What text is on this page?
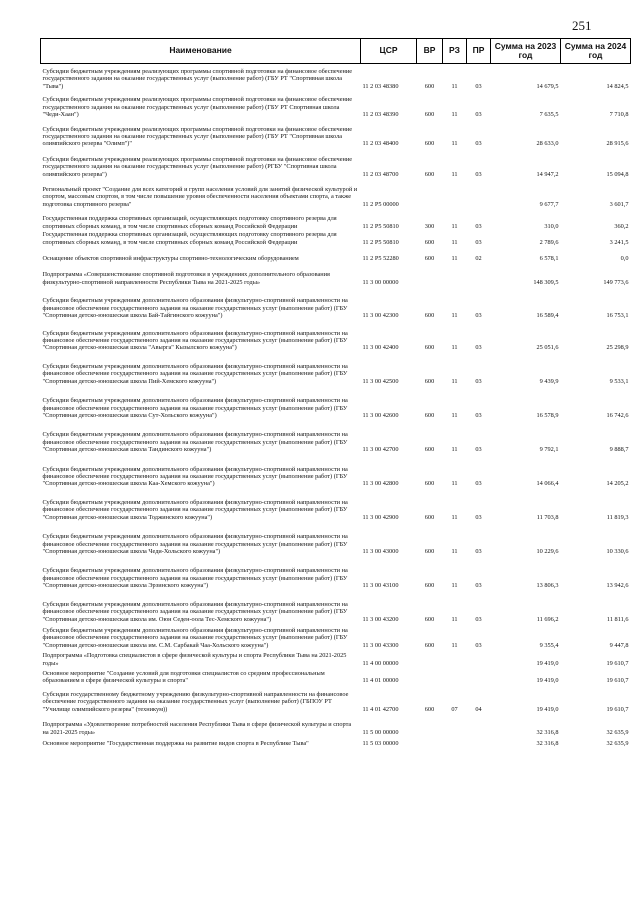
251
Наименование	ЦСР	ВР	РЗ	ПР	Сумма на 2023 год	Сумма на 2024 год

Субсидии бюджетным учреждениям реализующих программы спортивной подготовки на финансовое обеспечение государственного задания на оказание государственных услуг (выполнение работ) (ГБУ РТ "Спортивная школа "Тыва")	11 2 03 48380	600	11	03	14 679,5	14 824,5
Субсидии бюджетным учреждениям реализующих программы спортивной подготовки на финансовое обеспечение государственного задания на оказание государственных услуг (выполнение работ) (ГБУ РТ Спортивная школа "Чеди-Хаан")	11 2 03 48390	600	11	03	7 635,5	7 710,8
Субсидии бюджетным учреждениям реализующих программы спортивной подготовки на финансовое обеспечение государственного задания на оказание государственных услуг (выполнение работ) (ГБУ РТ "Спортивная школа олимпийского резерва "Олимп")"	11 2 03 48400	600	11	03	28 633,0	28 915,6
Субсидии бюджетным учреждениям реализующих программы спортивной подготовки на финансовое обеспечение государственного задания на оказание государственных услуг (выполнение работ) (РГБУ "Спортивная школа олимпийского резерва")	11 2 03 48700	600	11	03	14 947,2	15 094,8
Региональный проект "Создание для всех категорий и групп населения условий для занятий физической культурой и спортом, массовым спортом, в том числе повышение уровня обеспеченности населения объектами спорта, а также подготовка спортивного резерва"	11 2 P5 00000				9 677,7	3 601,7
Государственная поддержка спортивных организаций, осуществляющих подготовку спортивного резерва для спортивных сборных команд, в том числе спортивных сборных команд Российской Федерации	11 2 P5 50810	300	11	03	310,0	360,2
Государственная поддержка спортивных организаций, осуществляющих подготовку спортивного резерва для спортивных сборных команд, в том числе спортивных сборных команд Российской Федерации	11 2 P5 50810	600	11	03	2 789,6	3 241,5
Оснащение объектов спортивной инфраструктуры спортивно-технологическим оборудованием	11 2 P5 52280	600	11	02	6 578,1	0,0
Подпрограмма «Совершенствование спортивной подготовки в учреждениях дополнительного образования физкультурно-спортивной направленности Республики Тыва на 2021-2025 годы»	11 3 00 00000				148 309,5	149 773,6
Субсидии бюджетным учреждениям дополнительного образования физкультурно-спортивной направленности на финансовое обеспечение государственного задания на оказание государственных услуг (выполнение работ) (ГБУ "Спортивная детско-юношеская школа Бай-Тайгинского кожууна")	11 3 00 42300	600	11	03	16 589,4	16 753,1
Субсидии бюджетным учреждениям дополнительного образования физкультурно-спортивной направленности на финансовое обеспечение государственного задания на оказание государственных услуг (выполнение работ) (ГБУ "Спортивная детско-юношеская школа "Авырга" Кызылского кожууна")	11 3 00 42400	600	11	03	25 051,6	25 298,9
Субсидии бюджетным учреждениям дополнительного образования физкультурно-спортивной направленности на финансовое обеспечение государственного задания на оказание государственных услуг (выполнение работ) (ГБУ "Спортивная детско-юношеская школа Пий-Хемского кожууна")	11 3 00 42500	600	11	03	9 439,9	9 533,1
Субсидии бюджетным учреждениям дополнительного образования физкультурно-спортивной направленности на финансовое обеспечение государственного задания на оказание государственных услуг (выполнение работ) (ГБУ "Спортивная детско-юношеская школа Сут-Хольского кожууна")	11 3 00 42600	600	11	03	16 578,9	16 742,6
Субсидии бюджетным учреждениям дополнительного образования физкультурно-спортивной направленности на финансовое обеспечение государственного задания на оказание государственных услуг (выполнение работ) (ГБУ "Спортивная детско-юношеская школа Тандинского кожууна")	11 3 00 42700	600	11	03	9 792,1	9 888,7
Субсидии бюджетным учреждениям дополнительного образования физкультурно-спортивной направленности на финансовое обеспечение государственного задания на оказание государственных услуг (выполнение работ) (ГБУ "Спортивная детско-юношеская школа Каа-Хемского кожууна")	11 3 00 42800	600	11	03	14 066,4	14 205,2
Субсидии бюджетным учреждениям дополнительного образования физкультурно-спортивной направленности на финансовое обеспечение государственного задания на оказание государственных услуг (выполнение работ) (ГБУ "Спортивная детско-юношеская школа Тоджинского кожууна")	11 3 00 42900	600	11	03	11 703,8	11 819,3
Субсидии бюджетным учреждениям дополнительного образования физкультурно-спортивной направленности на финансовое обеспечение государственного задания на оказание государственных услуг (выполнение работ) (ГБУ "Спортивная детско-юношеская школа Чеди-Хольского кожууна")	11 3 00 43000	600	11	03	10 229,6	10 330,6
Субсидии бюджетным учреждениям дополнительного образования физкультурно-спортивной направленности на финансовое обеспечение государственного задания на оказание государственных услуг (выполнение работ) (ГБУ "Спортивная детско-юношеская школа Эрзинского кожууна")	11 3 00 43100	600	11	03	13 806,3	13 942,6
Субсидии бюджетным учреждениям дополнительного образования физкультурно-спортивной направленности на финансовое обеспечение государственного задания на оказание государственных услуг (выполнение работ) (ГБУ "Спортивная детско-юношеская школа им. Оюн Седен-оола Тес-Хемского кожууна")	11 3 00 43200	600	11	03	11 696,2	11 811,6
Субсидии бюджетным учреждениям дополнительного образования физкультурно-спортивной направленности на финансовое обеспечение государственного задания на оказание государственных услуг (выполнение работ) (ГБУ "Спортивная детско-юношеская школа им. С.М. Сарбакай Чаа-Хольского кожууна")	11 3 00 43300	600	11	03	9 355,4	9 447,8
Подпрограмма «Подготовка специалистов в сфере физической культуры и спорта Республики Тыва на 2021-2025 годы»	11 4 00 00000				19 419,0	19 610,7
Основное мероприятие "Создание условий для подготовки специалистов со средним профессиональным образованием в сфере физической культуры и спорта"	11 4 01 00000				19 419,0	19 610,7
Субсидии государственному бюджетному учреждению физкультурно-спортивной направленности на финансовое обеспечение государственного задания на оказание государственных услуг (выполнение работ) (ГБПОУ РТ "Училище олимпийского резерва" (техникум))	11 4 01 42700	600	07	04	19 419,0	19 610,7
Подпрограмма «Удовлетворение потребностей населения Республики Тыва в сфере физической культуры и спорта на 2021-2025 годы»	11 5 00 00000				32 316,8	32 635,9
Основное мероприятие "Государственная поддержка на развитие видов спорта в Республике Тыва"	11 5 03 00000				32 316,8	32 635,9
